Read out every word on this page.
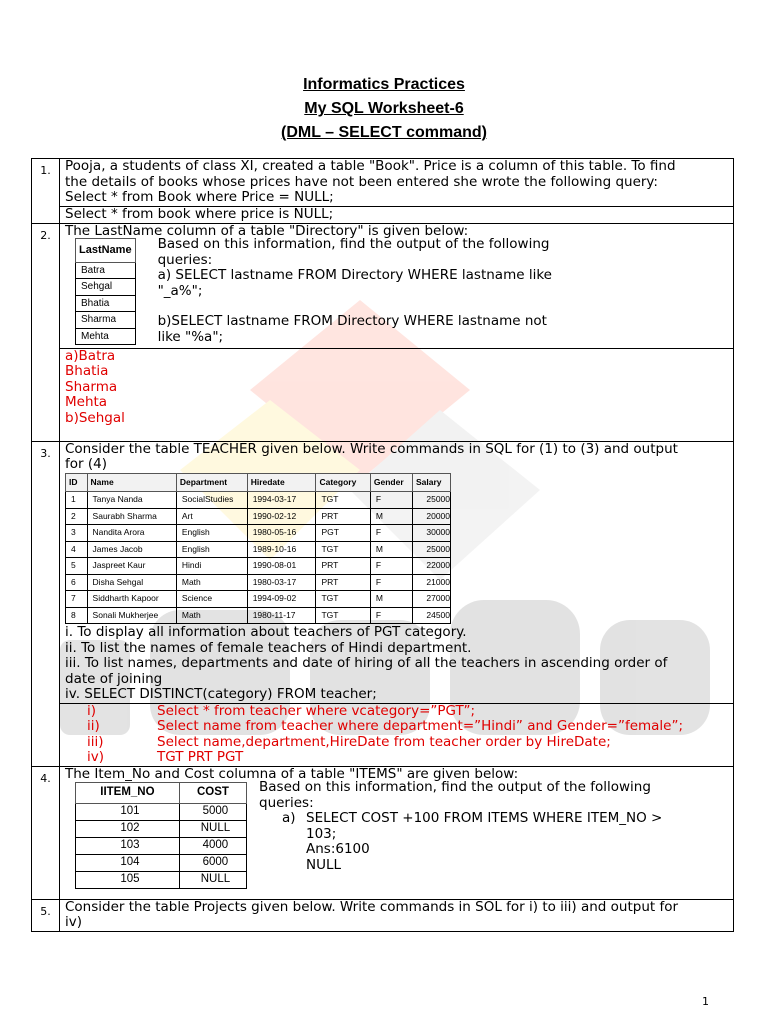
Informatics Practices
My SQL Worksheet-6
(DML – SELECT command)
1.	Pooja, a students of class XI, created a table "Book". Price is a column of this table. To find
the details of books whose prices have not been entered she wrote the following query:
Select * from Book where Price = NULL;

Select * from book where price is NULL;
2.	The LastName column of a table "Directory" is given below:
LastName
Batra
Sehgal
Bhatia
Sharma
Mehta
Based on this information, find the output of the following
queries:
a) SELECT lastname FROM Directory WHERE lastname like
"_a%";
b)SELECT lastname FROM Directory WHERE lastname not
like "%a";

a)Batra
Bhatia
Sharma
Mehta
b)Sehgal

3.	Consider the table TEACHER given below. Write commands in SQL for (1) to (3) and output
for (4)
ID	Name	Department	Hiredate	Category	Gender	Salary
1	Tanya Nanda	SocialStudies	1994-03-17	TGT	F	25000
2	Saurabh Sharma	Art	1990-02-12	PRT	M	20000
3	Nandita Arora	English	1980-05-16	PGT	F	30000
4	James Jacob	English	1989-10-16	TGT	M	25000
5	Jaspreet Kaur	Hindi	1990-08-01	PRT	F	22000
6	Disha Sehgal	Math	1980-03-17	PRT	F	21000
7	Siddharth Kapoor	Science	1994-09-02	TGT	M	27000
8	Sonali Mukherjee	Math	1980-11-17	TGT	F	24500
i. To display all information about teachers of PGT category.
ii. To list the names of female teachers of Hindi department.
iii. To list names, departments and date of hiring of all the teachers in ascending order of
date of joining
iv. SELECT DISTINCT(category) FROM teacher;

i)	Select * from teacher where vcategory=”PGT”;
ii)	Select name from teacher where department=”Hindi” and Gender=”female”;
iii)	Select name,department,HireDate from teacher order by HireDate;
iv)	TGT PRT PGT

4.	The Item_No and Cost columna of a table "ITEMS" are given below:
IITEM_NO	COST
101	5000
102	NULL
103	4000
104	6000
105	NULL
Based on this information, find the output of the following
queries:
a) SELECT COST +100 FROM ITEMS WHERE ITEM_NO >
103;
Ans:6100
NULL

5.	Consider the table Projects given below. Write commands in SOL for i) to iii) and output for
iv)
1
